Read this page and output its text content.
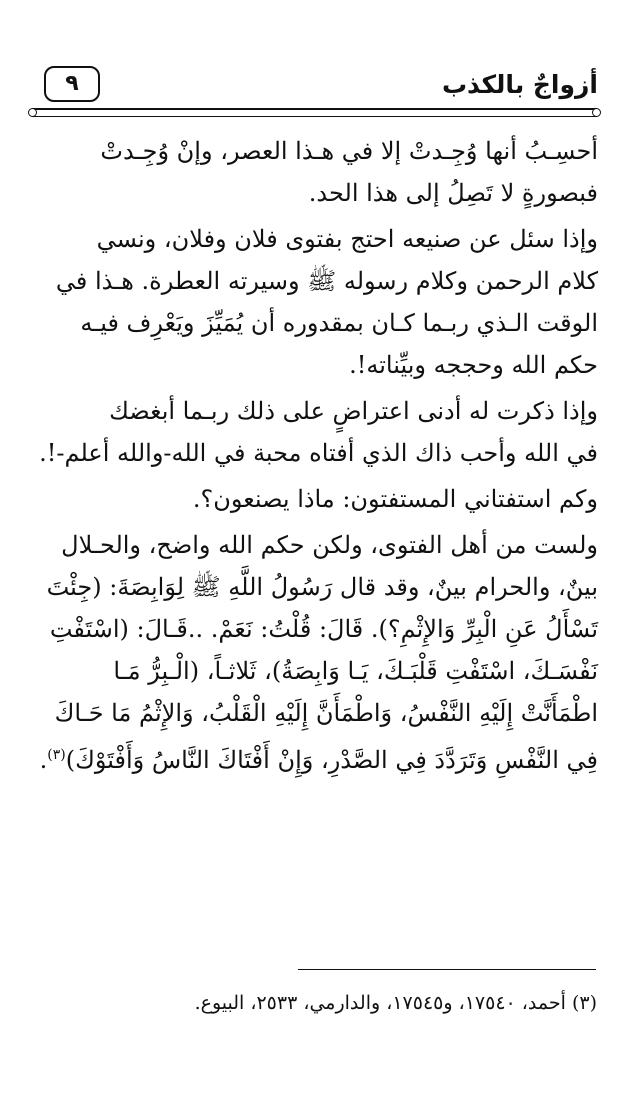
أزواجٌ بالكذب
٩

أحسِـبُ أنها وُجِـدتْ إلا في هـذا العصر، وإنْ وُجِـدتْ
فبصورةٍ لا تَصِلُ إلى هذا الحد.

وإذا سئل عن صنيعه احتج بفتوى فلان وفلان، ونسي
كلام الرحمن وكلام رسوله ﷺ وسيرته العطرة. هـذا في
الوقت الـذي ربـما كـان بمقدوره أن يُمَيِّزَ ويَعْرِف فيـه
حكم الله وحججه وبيِّناته!.

وإذا ذكرت له أدنى اعتراضٍ على ذلك ربـما أبغضك
في الله وأحب ذاك الذي أفتاه محبة في الله-والله أعلم-!.

وكم استفتاني المستفتون: ماذا يصنعون؟.

ولست من أهل الفتوى، ولكن حكم الله واضح، والحـلال
بينٌ، والحرام بينٌ، وقد قال رَسُولُ اللَّهِ ﷺ لِوَابِصَةَ: (جِئْتَ
تَسْأَلُ عَنِ الْبِرِّ وَالإِثْمِ؟). قَالَ: قُلْتُ: نَعَمْ. ..قَـالَ: (اسْتَفْتِ
نَفْسَـكَ، اسْتَفْتِ قَلْبَـكَ، يَـا وَابِصَةُ)، ثَلاثـاً، (الْـبِرُّ مَـا
اطْمَأَنَّتْ إِلَيْهِ النَّفْسُ، وَاطْمَأَنَّ إِلَيْهِ الْقَلْبُ، وَالإِثْمُ مَا حَـاكَ
فِي النَّفْسِ وَتَرَدَّدَ فِي الصَّدْرِ، وَإِنْ أَفْتَاكَ النَّاسُ وَأَفْتَوْكَ)$^{(٣)}$.

(٣) أحمد، ١٧٥٤٠، و١٧٥٤٥، والدارمي، ٢٥٣٣، البيوع.
